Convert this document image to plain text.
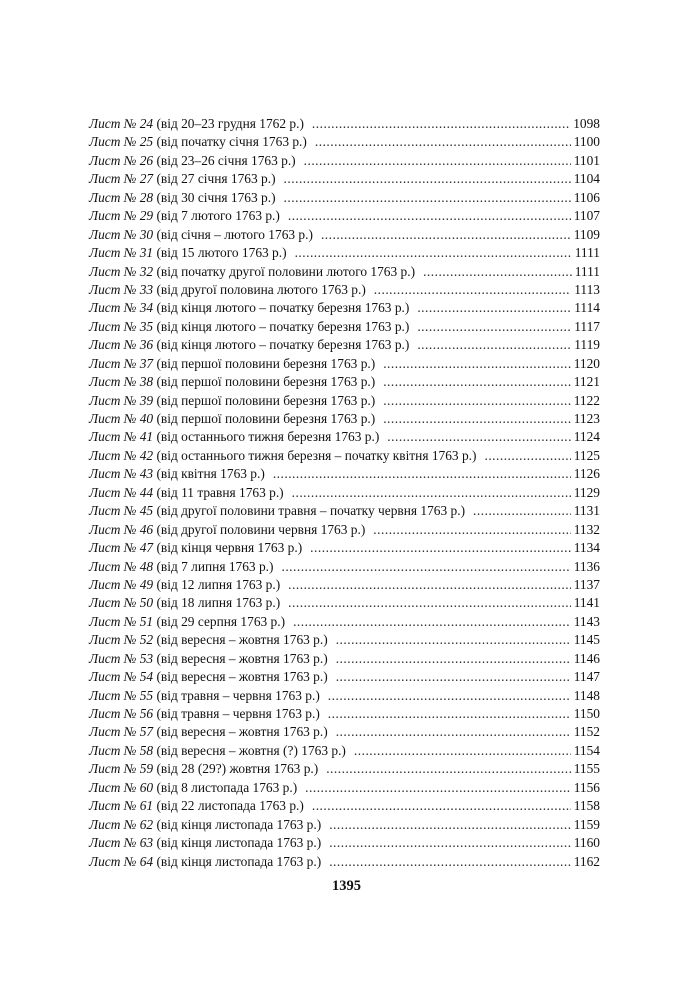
Лист № 24 (від 20–23 грудня 1762 р.) .....	1098
Лист № 25 (від початку січня 1763 р.) .....	1100
Лист № 26 (від 23–26 січня 1763 р.) .....	1101
Лист № 27 (від 27 січня 1763 р.) .....	1104
Лист № 28 (від 30 січня 1763 р.) .....	1106
Лист № 29 (від 7 лютого 1763 р.) .....	1107
Лист № 30 (від січня – лютого 1763 р.) .....	1109
Лист № 31 (від 15 лютого 1763 р.) .....	1111
Лист № 32 (від початку другої половини лютого 1763 р.) .....	1111
Лист № 33 (від другої половина лютого 1763 р.) .....	1113
Лист № 34 (від кінця лютого – початку березня 1763 р.) .....	1114
Лист № 35 (від кінця лютого – початку березня 1763 р.) .....	1117
Лист № 36 (від кінця лютого – початку березня 1763 р.) .....	1119
Лист № 37 (від першої половини березня 1763 р.) .....	1120
Лист № 38 (від першої половини березня 1763 р.) .....	1121
Лист № 39 (від першої половини березня 1763 р.) .....	1122
Лист № 40 (від першої половини березня 1763 р.) .....	1123
Лист № 41 (від останнього тижня березня 1763 р.) .....	1124
Лист № 42 (від останнього тижня березня – початку квітня 1763 р.) .....	1125
Лист № 43 (від квітня 1763 р.) .....	1126
Лист № 44 (від 11 травня 1763 р.) .....	1129
Лист № 45 (від другої половини травня – початку червня 1763 р.) .....	1131
Лист № 46 (від другої половини червня 1763 р.) .....	1132
Лист № 47 (від кінця червня 1763 р.) .....	1134
Лист № 48 (від 7 липня 1763 р.) .....	1136
Лист № 49 (від 12 липня 1763 р.) .....	1137
Лист № 50 (від 18 липня 1763 р.) .....	1141
Лист № 51 (від 29 серпня 1763 р.) .....	1143
Лист № 52 (від вересня – жовтня 1763 р.) .....	1145
Лист № 53 (від вересня – жовтня 1763 р.) .....	1146
Лист № 54 (від вересня – жовтня 1763 р.) .....	1147
Лист № 55 (від травня – червня 1763 р.) .....	1148
Лист № 56 (від травня – червня 1763 р.) .....	1150
Лист № 57 (від вересня – жовтня 1763 р.) .....	1152
Лист № 58 (від вересня – жовтня (?) 1763 р.) .....	1154
Лист № 59 (від 28 (29?) жовтня 1763 р.) .....	1155
Лист № 60 (від 8 листопада 1763 р.) .....	1156
Лист № 61 (від 22 листопада 1763 р.) .....	1158
Лист № 62 (від кінця листопада 1763 р.) .....	1159
Лист № 63 (від кінця листопада 1763 р.) .....	1160
Лист № 64 (від кінця листопада 1763 р.) .....	1162
1395
